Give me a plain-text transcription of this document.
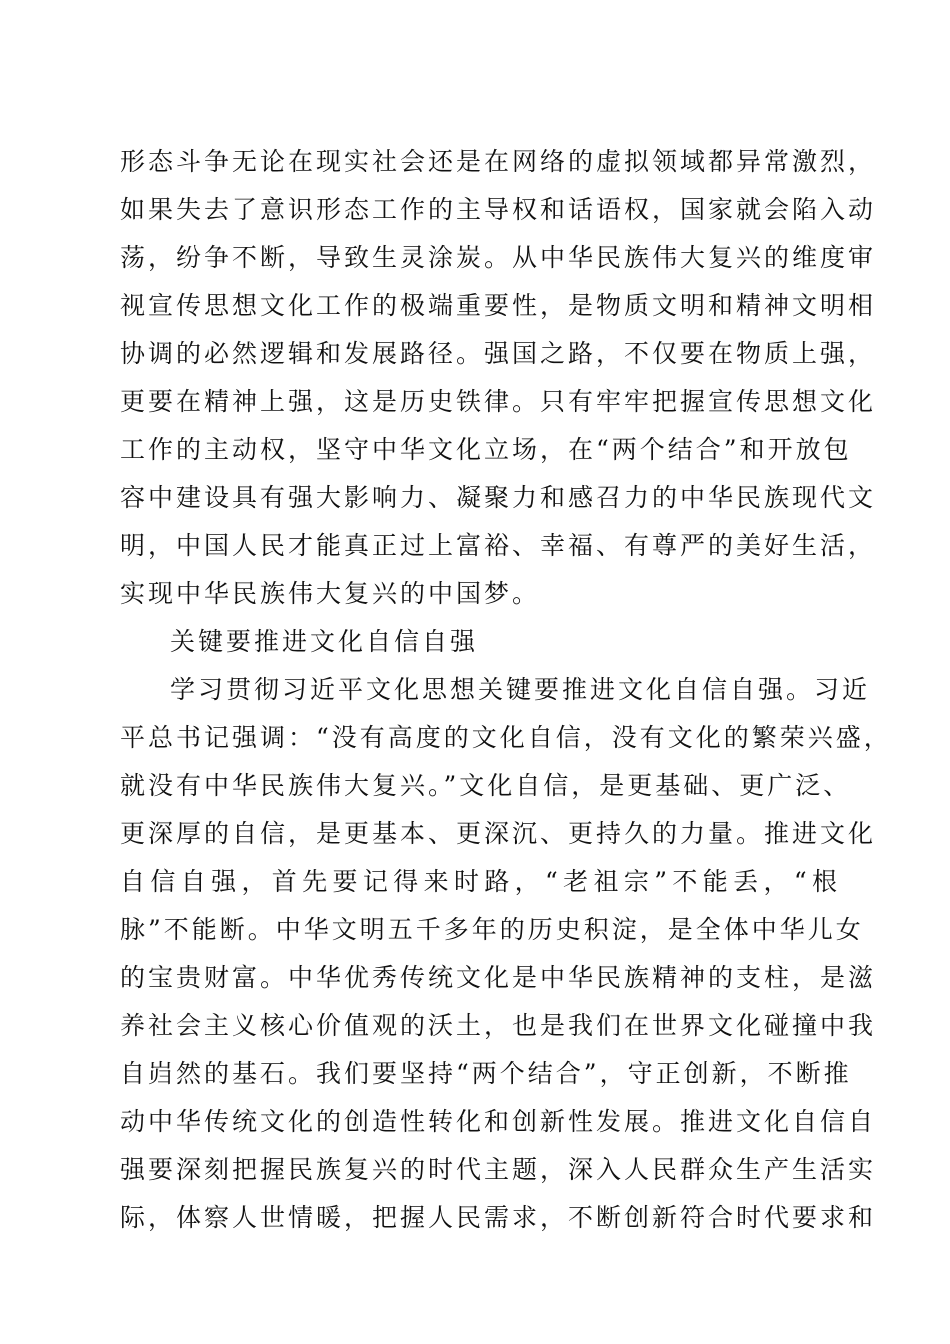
形态斗争无论在现实社会还是在网络的虚拟领域都异常激烈，
如果失去了意识形态工作的主导权和话语权，国家就会陷入动
荡，纷争不断，导致生灵涂炭。从中华民族伟大复兴的维度审
视宣传思想文化工作的极端重要性，是物质文明和精神文明相
协调的必然逻辑和发展路径。强国之路，不仅要在物质上强，
更要在精神上强，这是历史铁律。只有牢牢把握宣传思想文化
工作的主动权，坚守中华文化立场，在“两个结合”和开放包
容中建设具有强大影响力、凝聚力和感召力的中华民族现代文
明，中国人民才能真正过上富裕、幸福、有尊严的美好生活，
实现中华民族伟大复兴的中国梦。
关键要推进文化自信自强
学习贯彻习近平文化思想关键要推进文化自信自强。习近
平总书记强调：“没有高度的文化自信，没有文化的繁荣兴盛，
就没有中华民族伟大复兴。”文化自信，是更基础、更广泛、
更深厚的自信，是更基本、更深沉、更持久的力量。推进文化
自信自强，首先要记得来时路，“老祖宗”不能丢，“根
脉”不能断。中华文明五千多年的历史积淀，是全体中华儿女
的宝贵财富。中华优秀传统文化是中华民族精神的支柱，是滋
养社会主义核心价值观的沃土，也是我们在世界文化碰撞中我
自岿然的基石。我们要坚持“两个结合”，守正创新，不断推
动中华传统文化的创造性转化和创新性发展。推进文化自信自
强要深刻把握民族复兴的时代主题，深入人民群众生产生活实
际，体察人世情暖，把握人民需求，不断创新符合时代要求和
